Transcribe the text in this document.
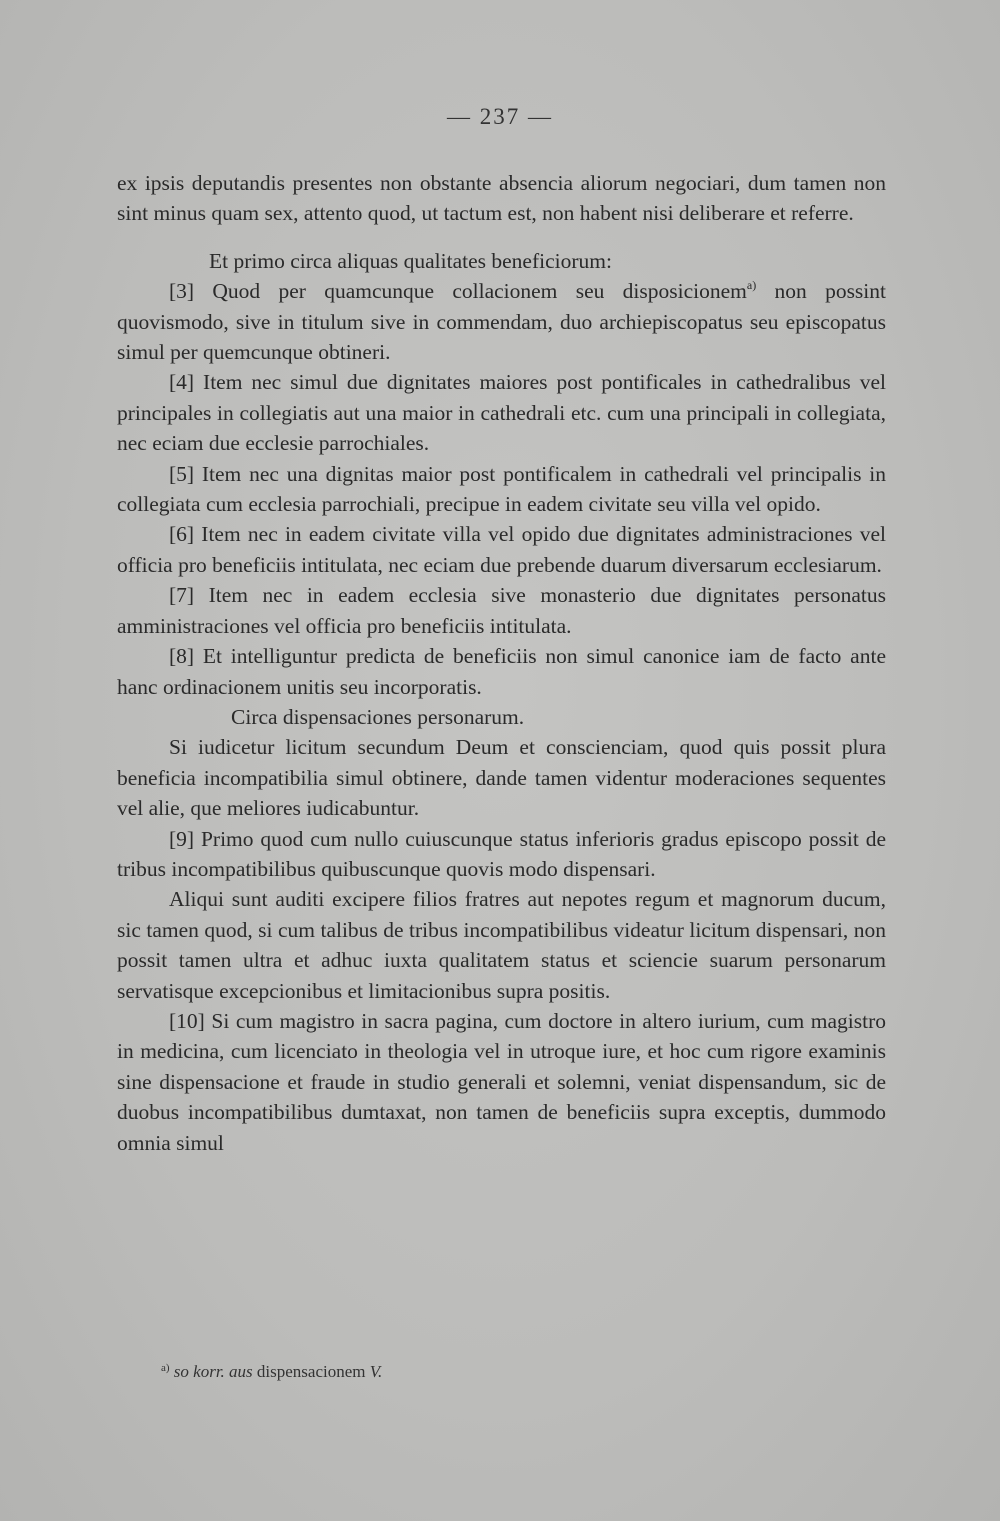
— 237 —

ex ipsis deputandis presentes non obstante absencia aliorum negociari, dum tamen non sint minus quam sex, attento quod, ut tactum est, non habent nisi deliberare et referre.

Et primo circa aliquas qualitates beneficiorum:

[3] Quod per quamcunque collacionem seu disposicionem$^{a)}$ non possint quovismodo, sive in titulum sive in commendam, duo archiepiscopatus seu episcopatus simul per quemcunque obtineri.

[4] Item nec simul due dignitates maiores post pontificales in cathedralibus vel principales in collegiatis aut una maior in cathedrali etc. cum una principali in collegiata, nec eciam due ecclesie parrochiales.

[5] Item nec una dignitas maior post pontificalem in cathedrali vel principalis in collegiata cum ecclesia parrochiali, precipue in eadem civitate seu villa vel opido.

[6] Item nec in eadem civitate villa vel opido due dignitates administraciones vel officia pro beneficiis intitulata, nec eciam due prebende duarum diversarum ecclesiarum.

[7] Item nec in eadem ecclesia sive monasterio due dignitates personatus amministraciones vel officia pro beneficiis intitulata.

[8] Et intelliguntur predicta de beneficiis non simul canonice iam de facto ante hanc ordinacionem unitis seu incorporatis.

Circa dispensaciones personarum.

Si iudicetur licitum secundum Deum et conscienciam, quod quis possit plura beneficia incompatibilia simul obtinere, dande tamen videntur moderaciones sequentes vel alie, que meliores iudicabuntur.

[9] Primo quod cum nullo cuiuscunque status inferioris gradus episcopo possit de tribus incompatibilibus quibuscunque quovis modo dispensari.

Aliqui sunt auditi excipere filios fratres aut nepotes regum et magnorum ducum, sic tamen quod, si cum talibus de tribus incompatibilibus videatur licitum dispensari, non possit tamen ultra et adhuc iuxta qualitatem status et sciencie suarum personarum servatisque excepcionibus et limitacionibus supra positis.

[10] Si cum magistro in sacra pagina, cum doctore in altero iurium, cum magistro in medicina, cum licenciato in theologia vel in utroque iure, et hoc cum rigore examinis sine dispensacione et fraude in studio generali et solemni, veniat dispensandum, sic de duobus incompatibilibus dumtaxat, non tamen de beneficiis supra exceptis, dummodo omnia simul

$^{a)}$ so korr. aus dispensacionem V.
